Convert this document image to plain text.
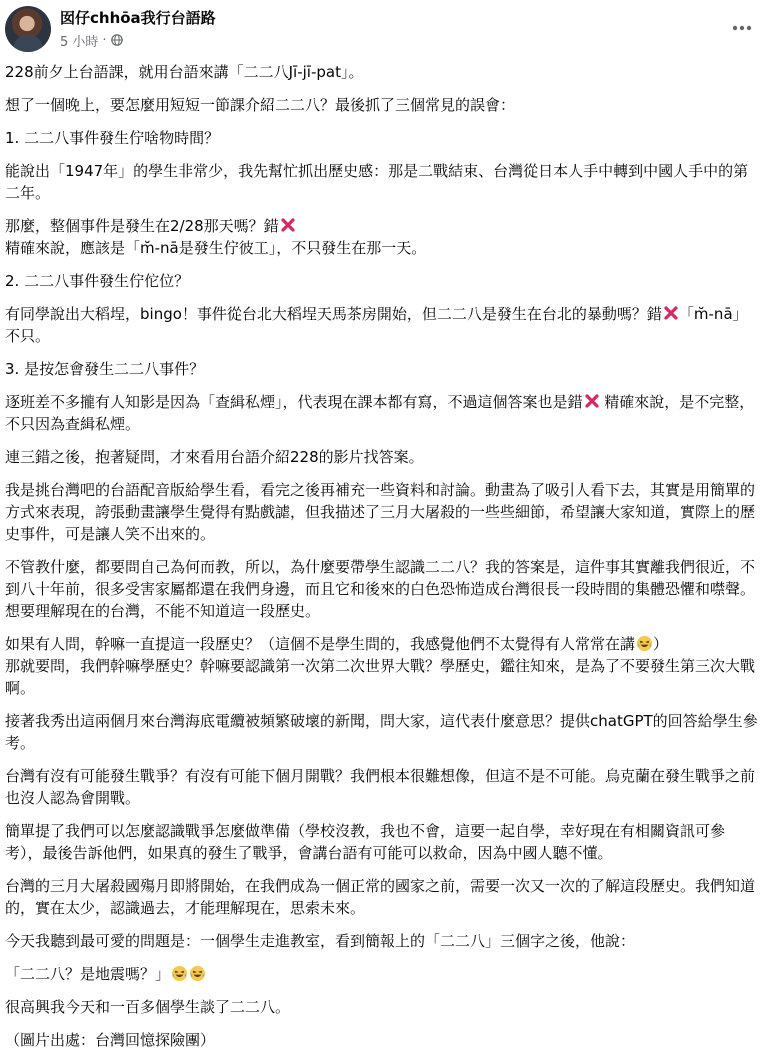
囡仔chhōa我行台語路
5 小時 ·
228前夕上台語課，就用台語來講「二二八Jī-jī-pat」。
想了一個晚上，要怎麼用短短一節課介紹二二八？最後抓了三個常見的誤會：
1. 二二八事件發生佇啥物時間？
能說出「1947年」的學生非常少，我先幫忙抓出歷史感：那是二戰結束、台灣從日本人手中轉到中國人手中的第二年。
那麼，整個事件是發生在2/28那天嗎？錯
精確來說，應該是「m̆-nā是發生佇彼工」，不只發生在那一天。
2. 二二八事件發生佇佗位？
有同學說出大稻埕，bingo！事件從台北大稻埕天馬茶房開始，但二二八是發生在台北的暴動嗎？錯 「m̆-nā」不只。
3. 是按怎會發生二二八事件？
逐班差不多攏有人知影是因為「查緝私煙」，代表現在課本都有寫，不過這個答案也是錯 精確來說，是不完整，不只因為查緝私煙。
連三錯之後，抱著疑問，才來看用台語介紹228的影片找答案。
我是挑台灣吧的台語配音版給學生看，看完之後再補充一些資料和討論。動畫為了吸引人看下去，其實是用簡單的方式來表現，誇張動畫讓學生覺得有點戲謔，但我描述了三月大屠殺的一些些細節，希望讓大家知道，實際上的歷史事件，可是讓人笑不出來的。
不管教什麼，都要問自己為何而教，所以，為什麼要帶學生認識二二八？我的答案是，這件事其實離我們很近，不到八十年前，很多受害家屬都還在我們身邊，而且它和後來的白色恐怖造成台灣很長一段時間的集體恐懼和噤聲。想要理解現在的台灣，不能不知道這一段歷史。
如果有人問，幹嘛一直提這一段歷史？（這個不是學生問的，我感覺他們不太覺得有人常常在講 ）
那就要問，我們幹嘛學歷史？幹嘛要認識第一次第二次世界大戰？學歷史，鑑往知來，是為了不要發生第三次大戰啊。
接著我秀出這兩個月來台灣海底電纜被頻繁破壞的新聞，問大家，這代表什麼意思？提供chatGPT的回答給學生參考。
台灣有沒有可能發生戰爭？有沒有可能下個月開戰？我們根本很難想像，但這不是不可能。烏克蘭在發生戰爭之前也沒人認為會開戰。
簡單提了我們可以怎麼認識戰爭怎麼做準備（學校沒教，我也不會，這要一起自學，幸好現在有相關資訊可參考），最後告訴他們，如果真的發生了戰爭，會講台語有可能可以救命，因為中國人聽不懂。
台灣的三月大屠殺國殤月即將開始，在我們成為一個正常的國家之前，需要一次又一次的了解這段歷史。我們知道的，實在太少，認識過去，才能理解現在，思索未來。
今天我聽到最可愛的問題是：一個學生走進教室，看到簡報上的「二二八」三個字之後，他說：
「二二八？是地震嗎？」
很高興我今天和一百多個學生談了二二八。
（圖片出處：台灣回憶探險團）
